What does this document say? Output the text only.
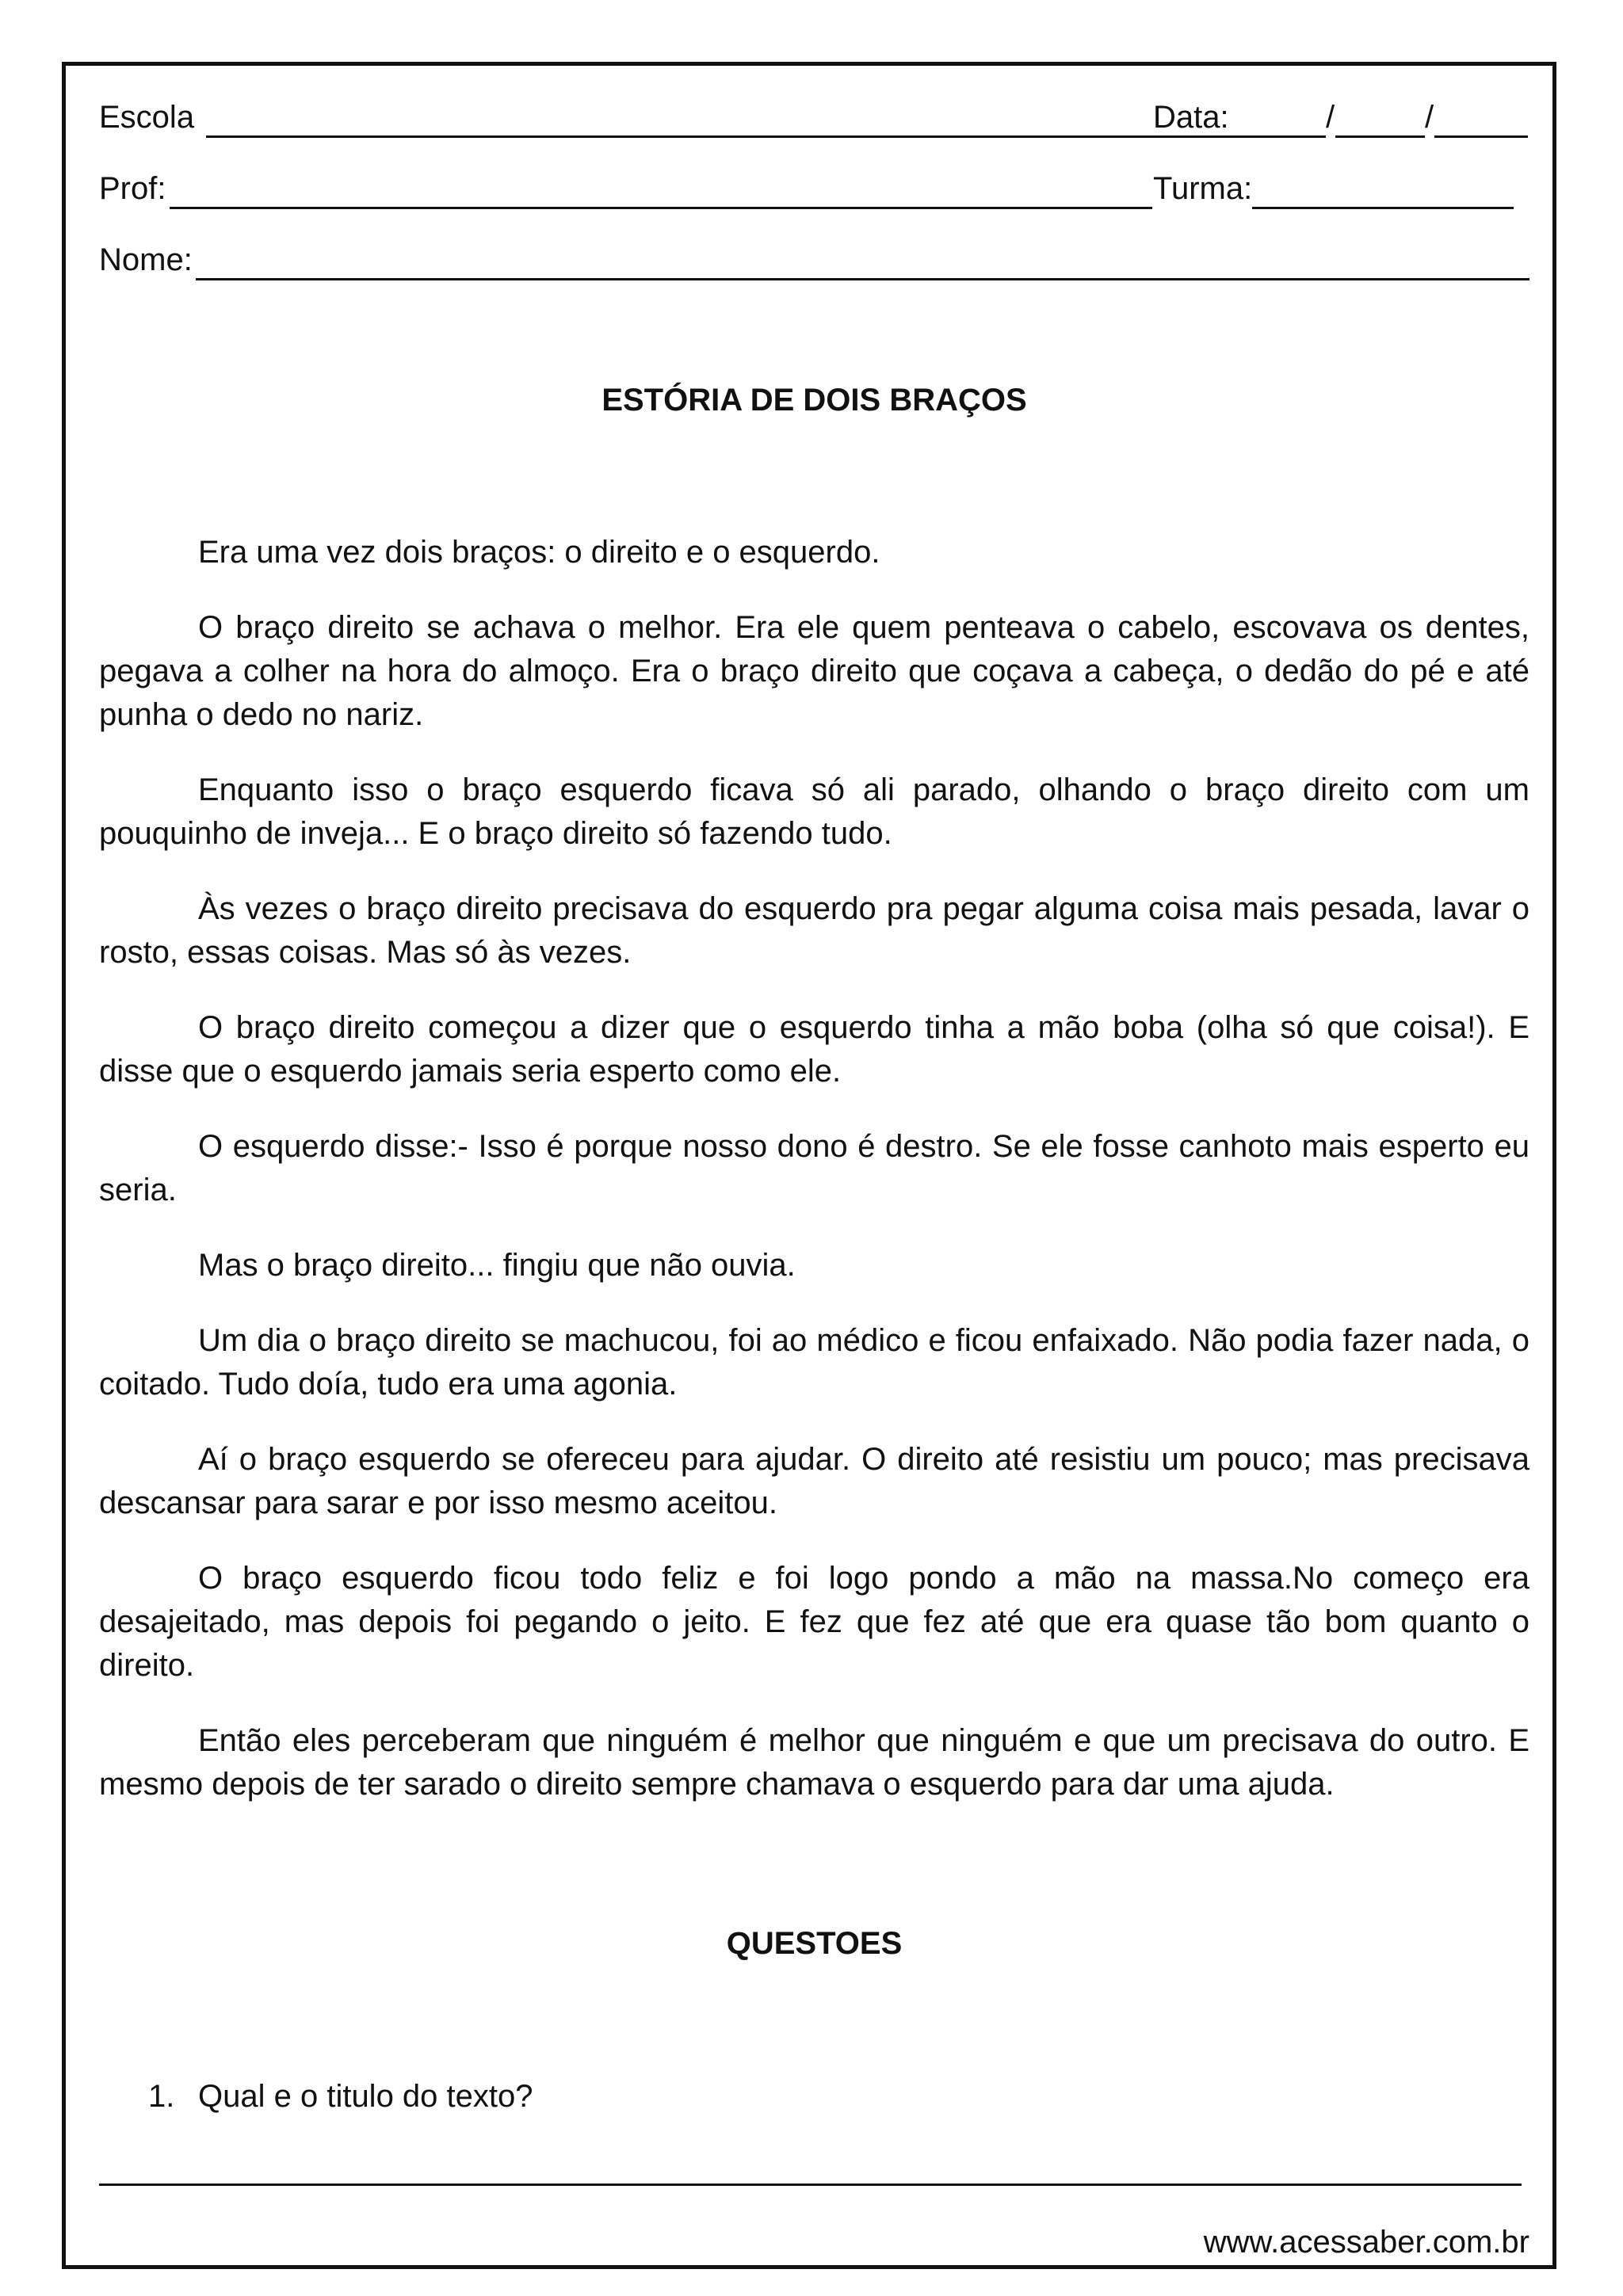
Escola	Data:	/	/
Prof:	Turma:
Nome:
ESTÓRIA DE DOIS BRAÇOS

Era uma vez dois braços: o direito e o esquerdo.

O braço direito se achava o melhor. Era ele quem penteava o cabelo, escovava os dentes, pegava a colher na hora do almoço. Era o braço direito que coçava a cabeça, o dedão do pé e até punha o dedo no nariz.

Enquanto isso o braço esquerdo ficava só ali parado, olhando o braço direito com um pouquinho de inveja... E o braço direito só fazendo tudo.

Às vezes o braço direito precisava do esquerdo pra pegar alguma coisa mais pesada, lavar o rosto, essas coisas. Mas só às vezes.

O braço direito começou a dizer que o esquerdo tinha a mão boba (olha só que coisa!). E disse que o esquerdo jamais seria esperto como ele.

O esquerdo disse:- Isso é porque nosso dono é destro. Se ele fosse canhoto mais esperto eu seria.

Mas o braço direito... fingiu que não ouvia.

Um dia o braço direito se machucou, foi ao médico e ficou enfaixado. Não podia fazer nada, o coitado. Tudo doía, tudo era uma agonia.

Aí o braço esquerdo se ofereceu para ajudar. O direito até resistiu um pouco; mas precisava descansar para sarar e por isso mesmo aceitou.

O braço esquerdo ficou todo feliz e foi logo pondo a mão na massa.No começo era desajeitado, mas depois foi pegando o jeito. E fez que fez até que era quase tão bom quanto o direito.

Então eles perceberam que ninguém é melhor que ninguém e que um precisava do outro. E mesmo depois de ter sarado o direito sempre chamava o esquerdo para dar uma ajuda.

QUESTOES
1. Qual e o titulo do texto?
www.acessaber.com.br
